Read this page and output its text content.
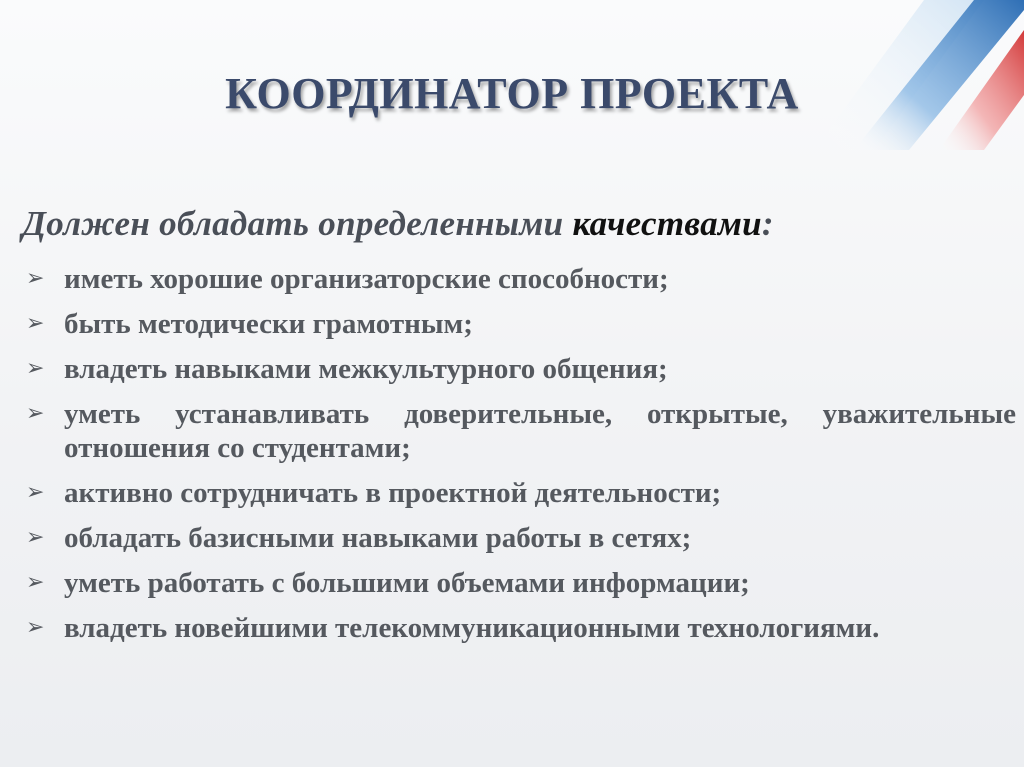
КООРДИНАТОР ПРОЕКТА
Должен обладать определенными качествами:
➢ иметь хорошие организаторские способности;
➢ быть методически грамотным;
➢ владеть навыками межкультурного общения;
➢ уметь устанавливать доверительные, открытые, уважительные отношения со студентами;
➢ активно сотрудничать в проектной деятельности;
➢ обладать базисными навыками работы в сетях;
➢ уметь работать с большими объемами информации;
➢ владеть новейшими телекоммуникационными технологиями.
